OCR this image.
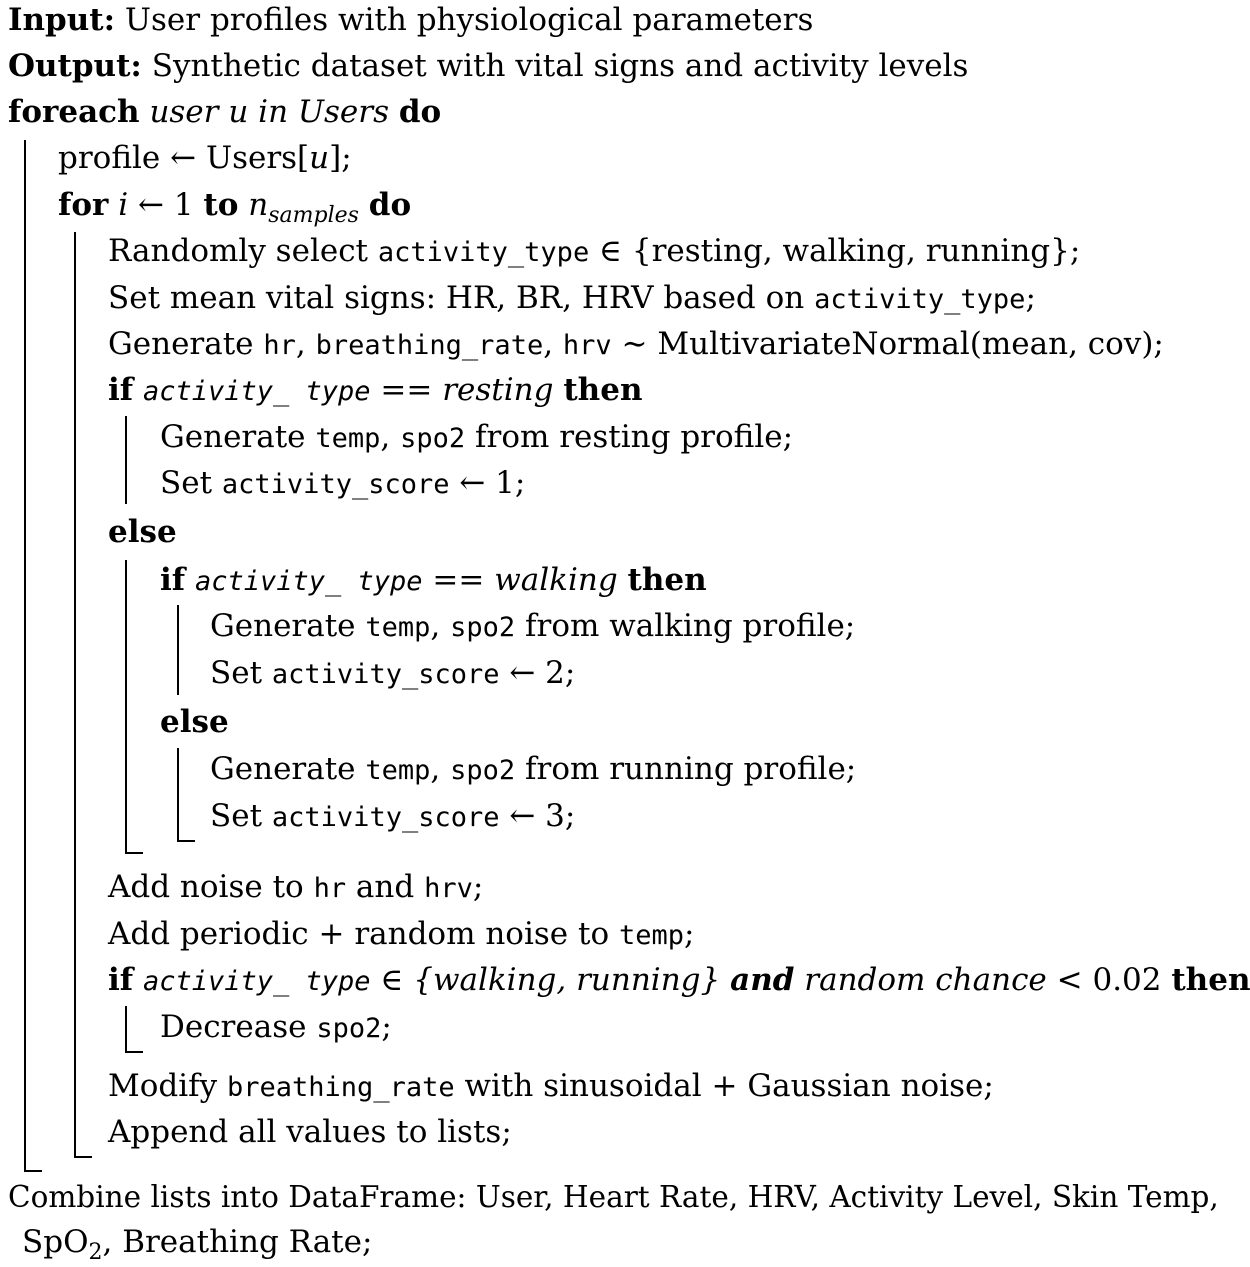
Input: User profiles with physiological parameters
Output: Synthetic dataset with vital signs and activity levels
foreach user u in Users do
profile ← Users[u];
for i ← 1 to $n_{samples}$ do
Randomly select activity_type ∈ {resting, walking, running};
Set mean vital signs: HR, BR, HRV based on activity_type;
Generate hr, breathing_rate, hrv ∼ MultivariateNormal(mean, cov);
if activity_ type == resting then
Generate temp, spo2 from resting profile;
Set activity_score ← 1;
else
if activity_ type == walking then
Generate temp, spo2 from walking profile;
Set activity_score ← 2;
else
Generate temp, spo2 from running profile;
Set activity_score ← 3;
Add noise to hr and hrv;
Add periodic + random noise to temp;
if activity_ type ∈ {walking, running} and random chance < 0.02 then
Decrease spo2;
Modify breathing_rate with sinusoidal + Gaussian noise;
Append all values to lists;
Combine lists into DataFrame: User, Heart Rate, HRV, Activity Level, Skin Temp,
SpO$_2$, Breathing Rate;
